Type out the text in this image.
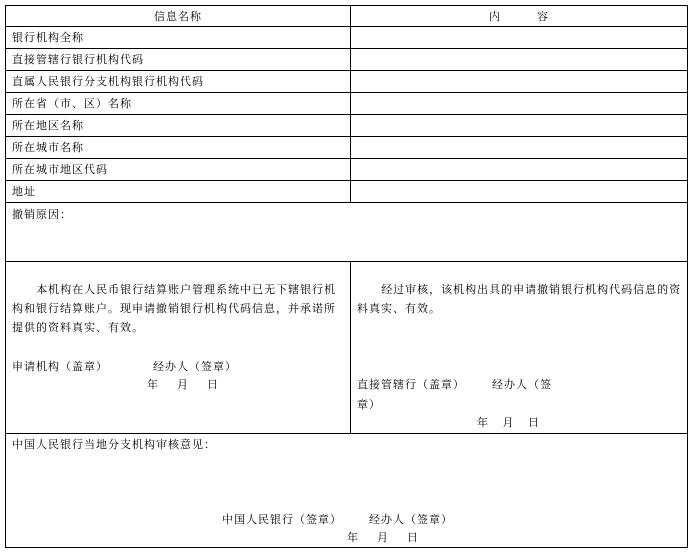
信息名称	内        容
银行机构全称
直接管辖行银行机构代码
直属人民银行分支机构银行机构代码
所在省（市、区）名称
所在地区名称
所在城市名称
所在城市地区代码
地址
撤销原因：

本机构在人民币银行结算账户管理系统中已无下辖银行机构和银行结算账户。现申请撤销银行机构代码信息，并承诺所提供的资料真实、有效。

申请机构（盖章）          经办人（签章）
年    月    日

经过审核，该机构出具的申请撤销银行机构代码信息的资料真实、有效。

直接管辖行（盖章）      经办人（签
章）
年   月   日
中国人民银行当地分支机构审核意见：
中国人民银行（签章）      经办人（签章）
年    月    日
